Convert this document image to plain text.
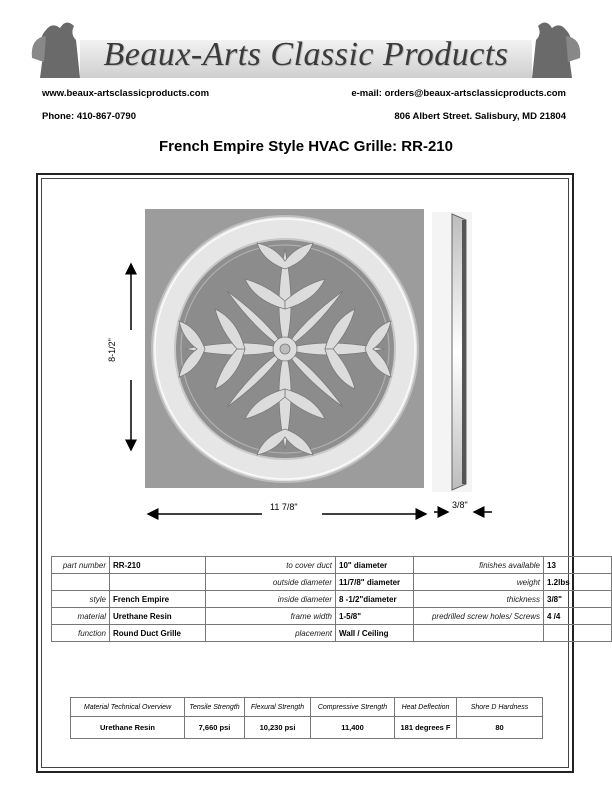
Beaux-Arts Classic Products
www.beaux-artsclassicproducts.com	e-mail: orders@beaux-artsclassicproducts.com
Phone: 410-867-0790	806 Albert Street. Salisbury, MD 21804
French Empire Style HVAC Grille: RR-210
8-1/2"
11 7/8"	3/8"
part number	RR-210	to cover duct	10" diameter	finishes available	13
		outside diameter	11/7/8" diameter	weight	1.2lbs
style	French Empire	inside diameter	8 -1/2"diameter	thickness	3/8"
material	Urethane Resin	frame width	1-5/8"	predrilled screw holes/ Screws	4 /4
function	Round Duct Grille	placement	Wall / Ceiling		
Material Technical Overview	Tensile Strength	Flexural Strength	Compressive Strength	Heat Deflection	Shore D Hardness
Urethane Resin	7,660 psi	10,230 psi	11,400	181 degrees F	80
